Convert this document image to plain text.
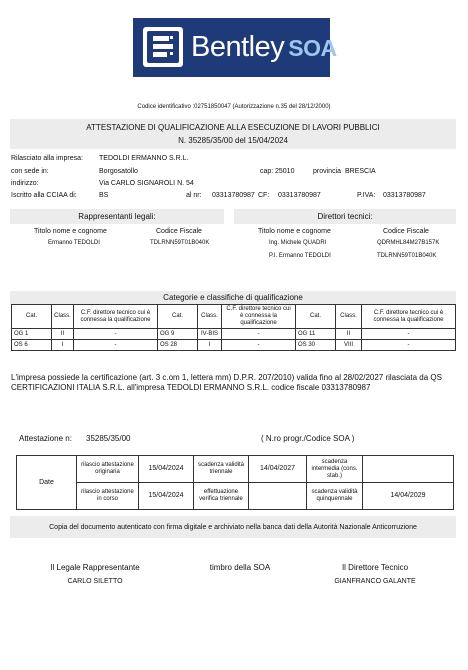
Bentley SOA
Codice identificativo :02751850047 (Autorizzazione n.35 del 28/12/2000)
ATTESTAZIONE DI QUALIFICAZIONE ALLA ESECUZIONE DI LAVORI PUBBLICI
N. 35285/35/00 del 15/04/2024
Rilasciato alla impresa: TEDOLDI ERMANNO S.R.L.
con sede in:	Borgosatollo	cap: 25010	provincia BRESCIA
indirizzo:	Via CARLO SIGNAROLI N. 54
Iscritto alla CCIAA di:	BS	al nr: 03313780987 CF: 03313780987	P.IVA: 03313780987
Rappresentanti legali:
Titolo nome e cognome	Codice Fiscale
Ermanno TEDOLDI	TDLRNN59T01B040K
Direttori tecnici:
Titolo nome e cognome	Codice Fiscale
Ing. Michele QUADRI	QDRMHL84M27B157K
P.I. Ermanno TEDOLDI	TDLRNN59T01B040K
Categorie e classifiche di qualificazione
Cat.	Class.	C.F. direttore tecnico cui è connessa la qualificazione	Cat.	Class.	C.F. direttore tecnico cui è connessa la qualificazione	Cat.	Class.	C.F. direttore tecnico cui è connessa la qualificazione
OG 1	II	-	OG 9	IV-BIS	-	OG 11	II	-
OS 6	I	-	OS 28	I	-	OS 30	VIII	-
L'impresa possiede la certificazione (art. 3 c.om 1, lettera mm) D.P.R. 207/2010) valida fino al 28/02/2027 rilasciata da QS CERTIFICAZIONI ITALIA S.R.L. all'impresa TEDOLDI ERMANNO S.R.L. codice fiscale 03313780987
Attestazione n: 35285/35/00	( N.ro progr./Codice SOA )
Date	rilascio attestazione originaria	15/04/2024	scadenza validità triennale	14/04/2027	scadenza intermedia (cons. stab.)	
	rilascio attestazione in corso	15/04/2024	effettuazione verifica triennale		scadenza validità quinquennale	14/04/2029
Copia del documento autenticato con firma digitale e archiviato nella banca dati della Autorità Nazionale Anticorruzione
Il Legale Rappresentante
CARLO SILETTO
timbro della SOA	Il Direttore Tecnico
GIANFRANCO GALANTE
